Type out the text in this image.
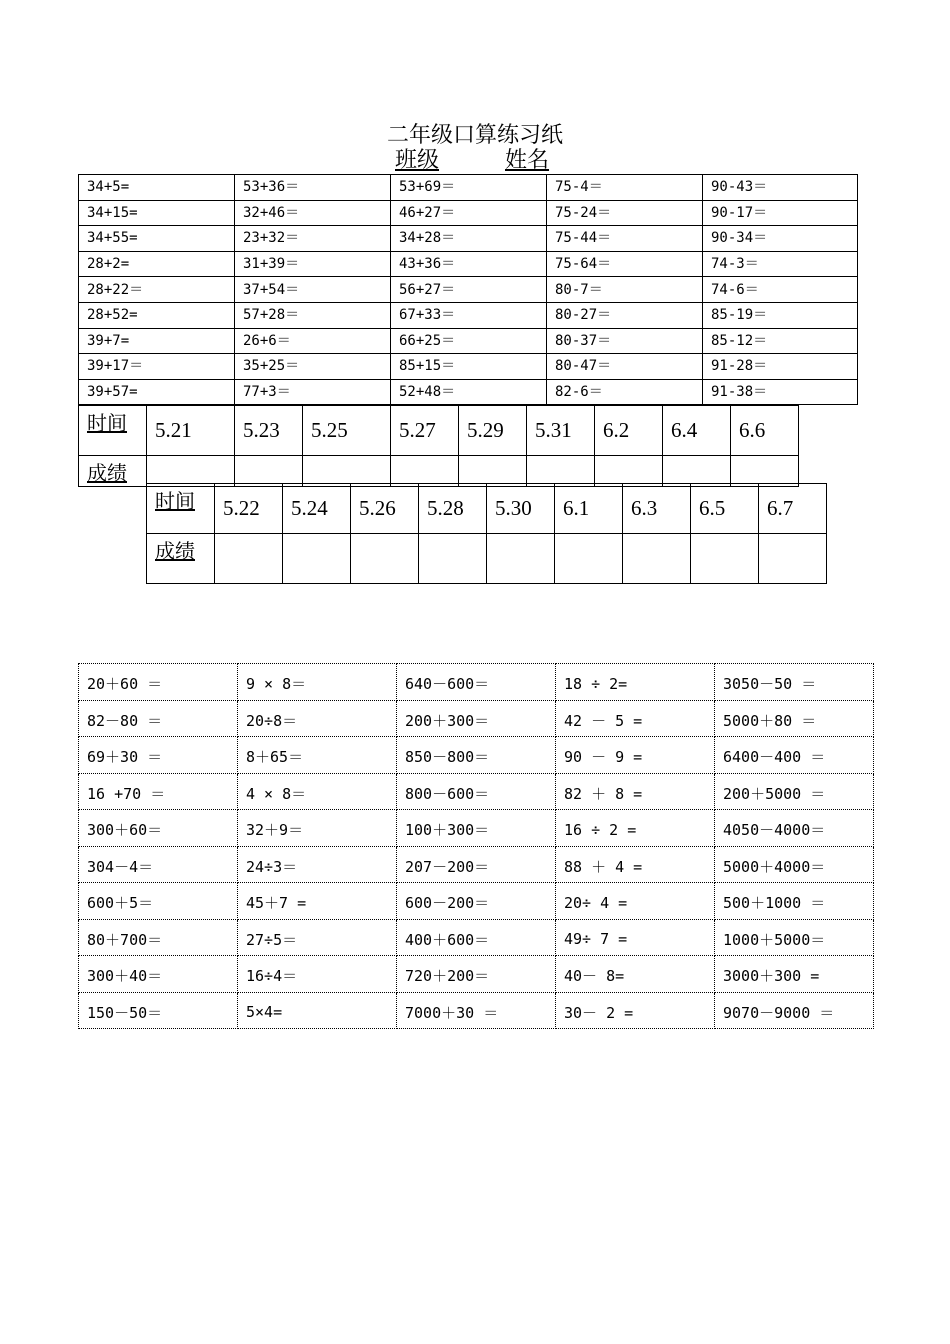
二年级口算练习纸
班级	姓名
34+5=	53+36＝	53+69＝	75-4＝	90-43＝
34+15=	32+46＝	46+27＝	75-24＝	90-17＝
34+55=	23+32＝	34+28＝	75-44＝	90-34＝
28+2=	31+39＝	43+36＝	75-64＝	74-3＝
28+22＝	37+54＝	56+27＝	80-7＝	74-6＝
28+52=	57+28＝	67+33＝	80-27＝	85-19＝
39+7=	26+6＝	66+25＝	80-37＝	85-12＝
39+17＝	35+25＝	85+15＝	80-47＝	91-28＝
39+57=	77+3＝	52+48＝	82-6＝	91-38＝
时间	5.21	5.23	5.25	5.27	5.29	5.31	6.2	6.4	6.6
成绩									
时间	5.22	5.24	5.26	5.28	5.30	6.1	6.3	6.5	6.7
成绩									
20＋60 ＝	9 × 8＝	640－600＝	18 ÷ 2=	3050－50 ＝
82－80 ＝	20÷8＝	200＋300＝	42 － 5 =	5000＋80 ＝
69＋30 ＝	8＋65＝	850－800＝	90 － 9 =	6400－400 ＝
16 +70 ＝	4 × 8＝	800－600＝	82 ＋ 8 =	200＋5000 ＝
300＋60＝	32＋9＝	100＋300＝	16 ÷ 2 =	4050－4000＝
304－4＝	24÷3＝	207－200＝	88 ＋ 4 =	5000＋4000＝
600＋5＝	45＋7 =	600－200＝	20÷ 4 =	500＋1000 ＝
80＋700＝	27÷5＝	400＋600＝	49÷ 7 =	1000＋5000＝
300＋40＝	16÷4＝	720＋200＝	40－ 8=	3000＋300 =
150－50＝	5×4=	7000＋30 ＝	30－ 2 =	9070－9000 ＝
